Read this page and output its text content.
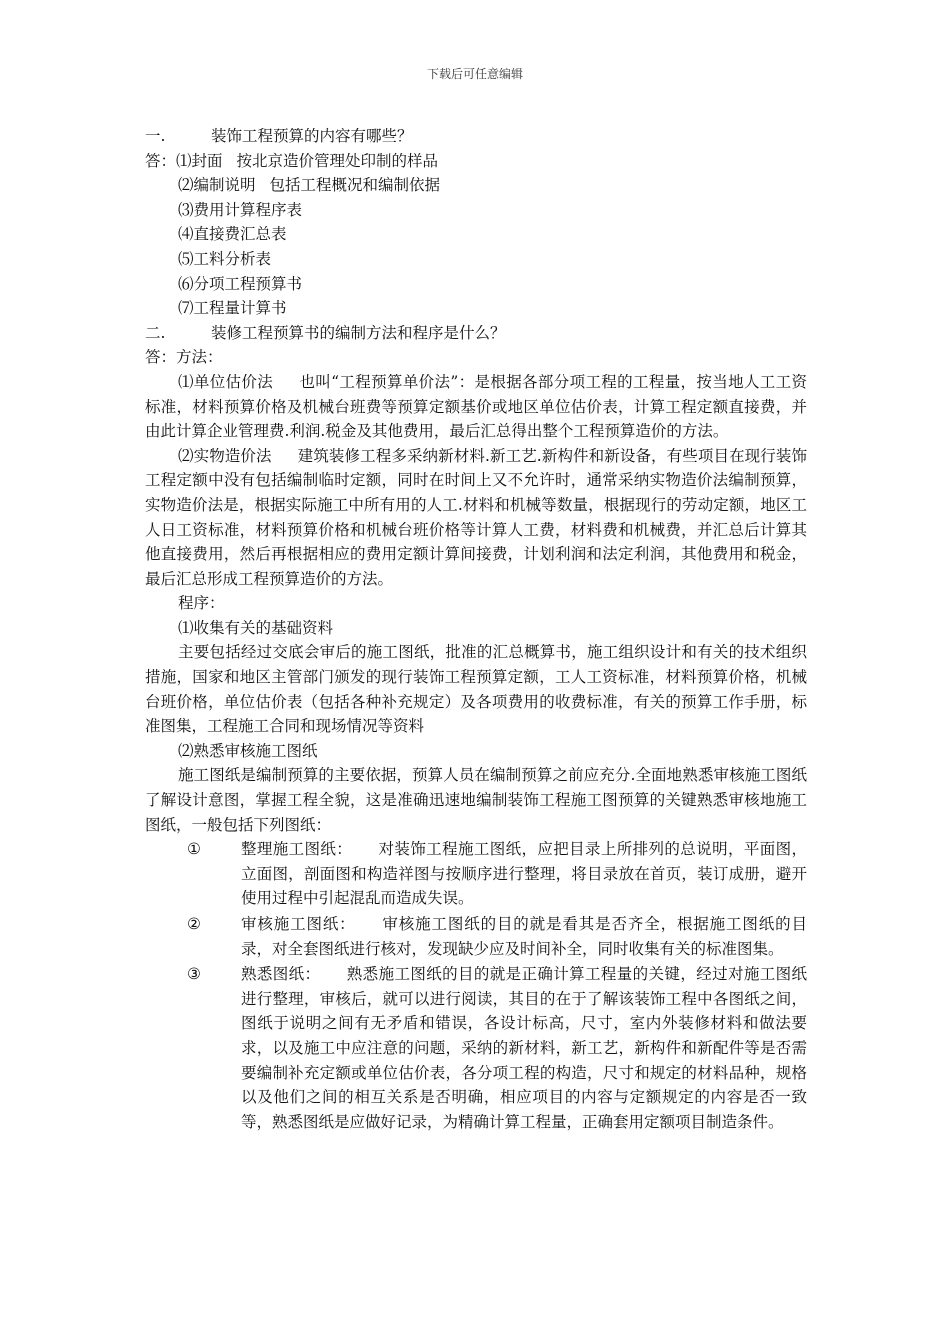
下载后可任意编辑
一.	装饰工程预算的内容有哪些？
答：⑴封面 按北京造价管理处印制的样品
⑵编制说明 包括工程概况和编制依据
⑶费用计算程序表
⑷直接费汇总表
⑸工料分析表
⑹分项工程预算书
⑺工程量计算书
二.	装修工程预算书的编制方法和程序是什么？
答：方法：

⑴单位估价法 也叫“工程预算单价法”：是根据各部分项工程的工程量，按当地人工工资标准，材料预算价格及机械台班费等预算定额基价或地区单位估价表，计算工程定额直接费，并由此计算企业管理费.利润.税金及其他费用，最后汇总得出整个工程预算造价的方法。

⑵实物造价法 建筑装修工程多采纳新材料.新工艺.新构件和新设备，有些项目在现行装饰工程定额中没有包括编制临时定额，同时在时间上又不允许时，通常采纳实物造价法编制预算，实物造价法是，根据实际施工中所有用的人工.材料和机械等数量，根据现行的劳动定额，地区工人日工资标准，材料预算价格和机械台班价格等计算人工费，材料费和机械费，并汇总后计算其他直接费用，然后再根据相应的费用定额计算间接费，计划利润和法定利润，其他费用和税金，最后汇总形成工程预算造价的方法。

程序：
⑴收集有关的基础资料

主要包括经过交底会审后的施工图纸，批准的汇总概算书，施工组织设计和有关的技术组织措施，国家和地区主管部门颁发的现行装饰工程预算定额，工人工资标准，材料预算价格，机械台班价格，单位估价表（包括各种补充规定）及各项费用的收费标准，有关的预算工作手册，标准图集，工程施工合同和现场情况等资料

⑵熟悉审核施工图纸

施工图纸是编制预算的主要依据，预算人员在编制预算之前应充分.全面地熟悉审核施工图纸了解设计意图，掌握工程全貌，这是准确迅速地编制装饰工程施工图预算的关键熟悉审核地施工图纸，一般包括下列图纸：

①	整理施工图纸： 对装饰工程施工图纸，应把目录上所排列的总说明，平面图，立面图，剖面图和构造祥图与按顺序进行整理，将目录放在首页，装订成册，避开使用过程中引起混乱而造成失误。

②	审核施工图纸： 审核施工图纸的目的就是看其是否齐全，根据施工图纸的目录，对全套图纸进行核对，发现缺少应及时间补全，同时收集有关的标准图集。

③	熟悉图纸： 熟悉施工图纸的目的就是正确计算工程量的关键，经过对施工图纸进行整理，审核后，就可以进行阅读，其目的在于了解该装饰工程中各图纸之间，图纸于说明之间有无矛盾和错误，各设计标高，尺寸，室内外装修材料和做法要求，以及施工中应注意的问题，采纳的新材料，新工艺，新构件和新配件等是否需要编制补充定额或单位估价表，各分项工程的构造，尺寸和规定的材料品种，规格以及他们之间的相互关系是否明确，相应项目的内容与定额规定的内容是否一致等，熟悉图纸是应做好记录，为精确计算工程量，正确套用定额项目制造条件。
